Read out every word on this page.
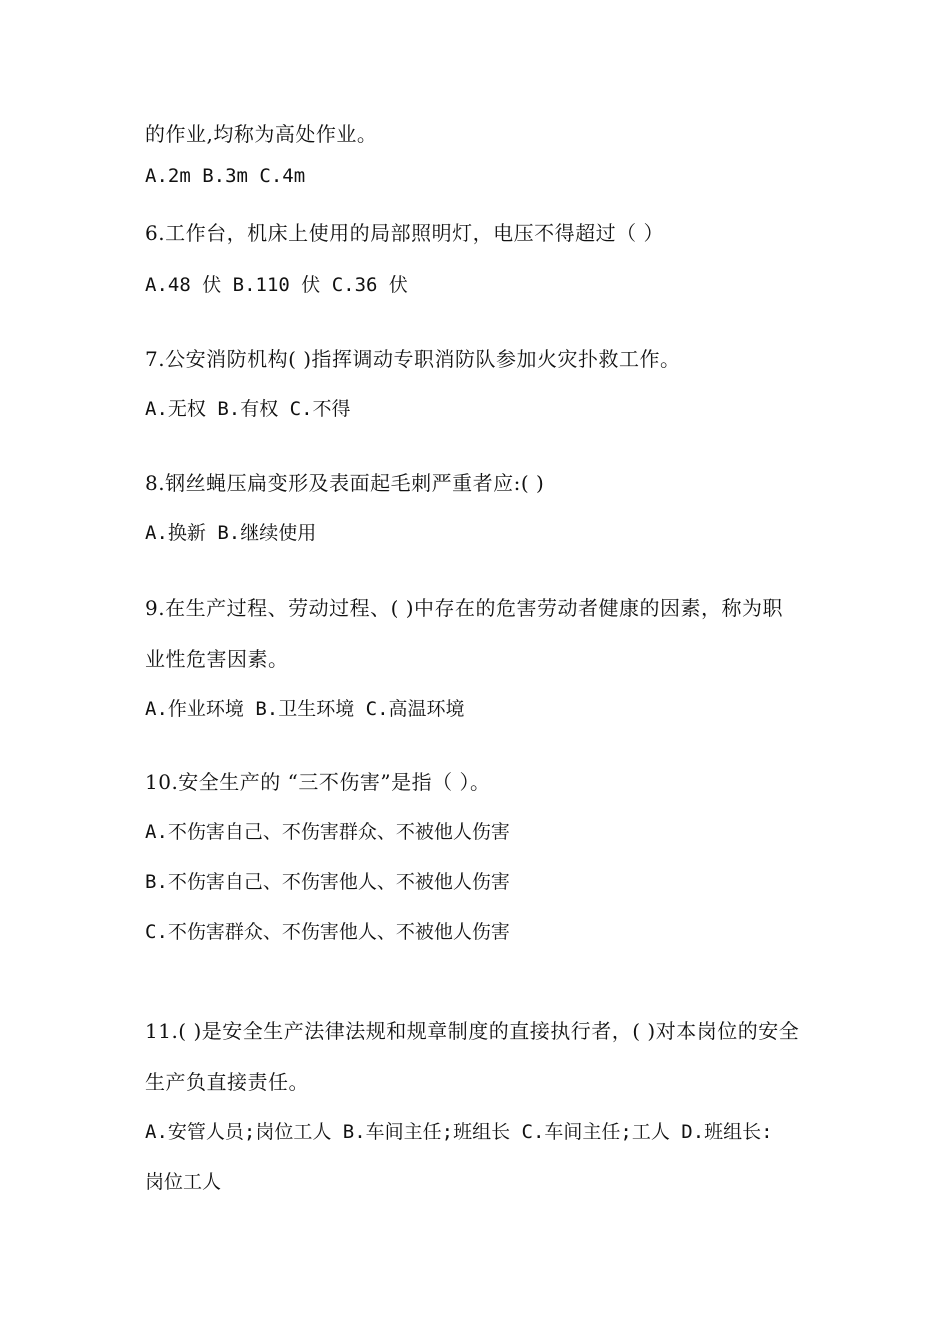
的作业,均称为高处作业。
A.2m B.3m C.4m
6.工作台，机床上使用的局部照明灯，电压不得超过（ ）
A.48 伏 B.110 伏 C.36 伏
7.公安消防机构( )指挥调动专职消防队参加火灾扑救工作。
A.无权 B.有权 C.不得
8.钢丝蝇压扁变形及表面起毛刺严重者应:( )
A.换新 B.继续使用
9.在生产过程、劳动过程、( )中存在的危害劳动者健康的因素，称为职
业性危害因素。
A.作业环境 B.卫生环境 C.高温环境
10.安全生产的 “三不伤害”是指（ ）。
A.不伤害自己、不伤害群众、不被他人伤害
B.不伤害自己、不伤害他人、不被他人伤害
C.不伤害群众、不伤害他人、不被他人伤害
11.( )是安全生产法律法规和规章制度的直接执行者，( )对本岗位的安全
生产负直接责任。
A.安管人员;岗位工人 B.车间主任;班组长 C.车间主任;工人 D.班组长:
岗位工人
